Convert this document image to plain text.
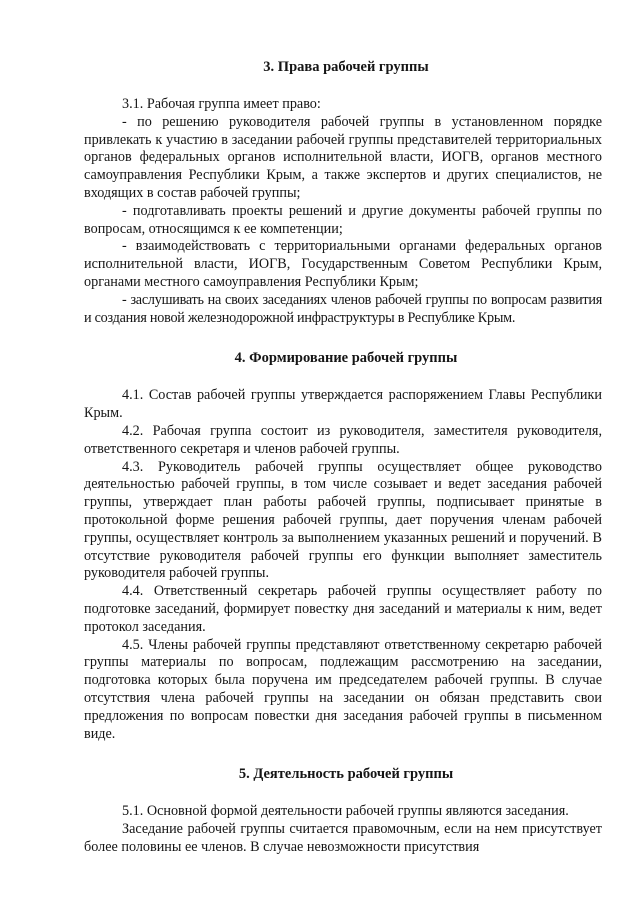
3. Права рабочей группы

3.1. Рабочая группа имеет право:

- по решению руководителя рабочей группы в установленном порядке привлекать к участию в заседании рабочей группы представителей территориальных органов федеральных органов исполнительной власти, ИОГВ, органов местного самоуправления Республики Крым, а также экспертов и других специалистов, не входящих в состав рабочей группы;

- подготавливать проекты решений и другие документы рабочей группы по вопросам, относящимся к ее компетенции;

- взаимодействовать с территориальными органами федеральных органов исполнительной власти, ИОГВ, Государственным Советом Республики Крым, органами местного самоуправления Республики Крым;

- заслушивать на своих заседаниях членов рабочей группы по вопросам развития и создания новой железнодорожной инфраструктуры в Республике Крым.

4. Формирование рабочей группы

4.1. Состав рабочей группы утверждается распоряжением Главы Республики Крым.

4.2. Рабочая группа состоит из руководителя, заместителя руководителя, ответственного секретаря и членов рабочей группы.

4.3. Руководитель рабочей группы осуществляет общее руководство деятельностью рабочей группы, в том числе созывает и ведет заседания рабочей группы, утверждает план работы рабочей группы, подписывает принятые в протокольной форме решения рабочей группы, дает поручения членам рабочей группы, осуществляет контроль за выполнением указанных решений и поручений. В отсутствие руководителя рабочей группы его функции выполняет заместитель руководителя рабочей группы.

4.4. Ответственный секретарь рабочей группы осуществляет работу по подготовке заседаний, формирует повестку дня заседаний и материалы к ним, ведет протокол заседания.

4.5. Члены рабочей группы представляют ответственному секретарю рабочей группы материалы по вопросам, подлежащим рассмотрению на заседании, подготовка которых была поручена им председателем рабочей группы. В случае отсутствия члена рабочей группы на заседании он обязан представить свои предложения по вопросам повестки дня заседания рабочей группы в письменном виде.

5. Деятельность рабочей группы

5.1. Основной формой деятельности рабочей группы являются заседания.

Заседание рабочей группы считается правомочным, если на нем присутствует более половины ее членов. В случае невозможности присутствия
